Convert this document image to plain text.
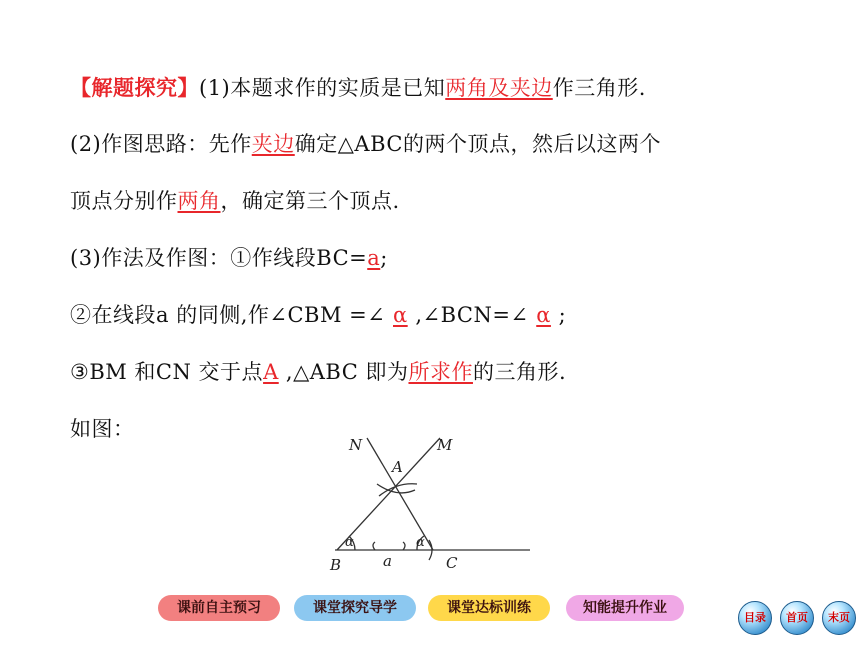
【解题探究】(1)本题求作的实质是已知两角及夹边作三角形.
(2)作图思路：先作夹边确定△ABC的两个顶点，然后以这两个
顶点分别作两角，确定第三个顶点.
(3)作法及作图：①作线段BC=a;
②在线段a 的同侧,作∠CBM =∠ α ,∠BCN=∠ α ;
③BM 和CN 交于点A ,△ABC 即为所求作的三角形.
如图：
N	M
A
B	C
a
α	α
课前自主预习	课堂探究导学	课堂达标训练	知能提升作业
目录	首页	末页
